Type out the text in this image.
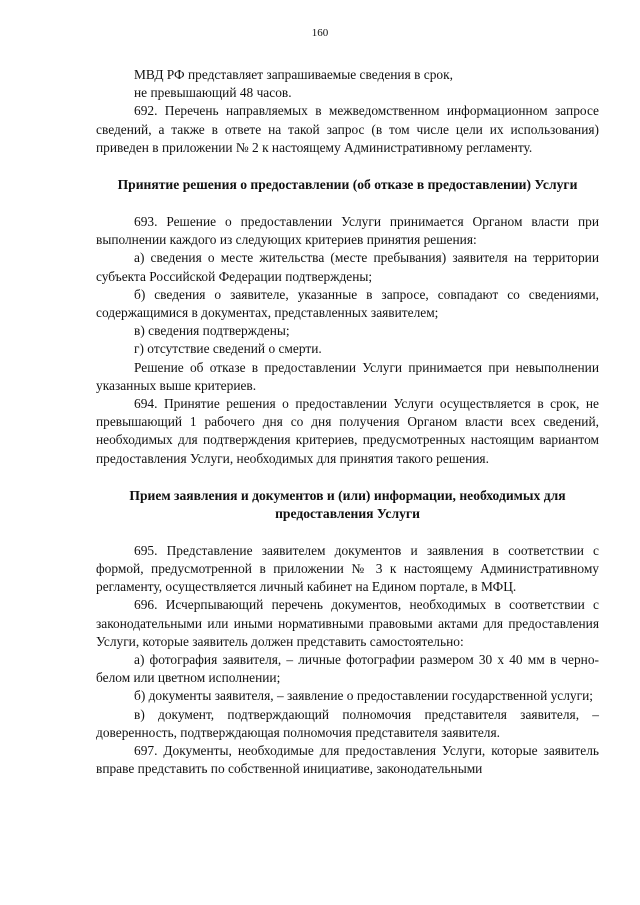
160

МВД РФ представляет запрашиваемые сведения в срок,

не превышающий 48 часов.

692. Перечень направляемых в межведомственном информационном запросе сведений, а также в ответе на такой запрос (в том числе цели их использования) приведен в приложении № 2 к настоящему Административному регламенту.

Принятие решения о предоставлении (об отказе в предоставлении) Услуги

693. Решение о предоставлении Услуги принимается Органом власти при выполнении каждого из следующих критериев принятия решения:

а) сведения о месте жительства (месте пребывания) заявителя на территории субъекта Российской Федерации подтверждены;

б) сведения о заявителе, указанные в запросе, совпадают со сведениями, содержащимися в документах, представленных заявителем;

в) сведения подтверждены;

г) отсутствие сведений о смерти.

Решение об отказе в предоставлении Услуги принимается при невыполнении указанных выше критериев.

694. Принятие решения о предоставлении Услуги осуществляется в срок, не превышающий 1 рабочего дня со дня получения Органом власти всех сведений, необходимых для подтверждения критериев, предусмотренных настоящим вариантом предоставления Услуги, необходимых для принятия такого решения.

Прием заявления и документов и (или) информации, необходимых для предоставления Услуги

695. Представление заявителем документов и заявления в соответствии с формой, предусмотренной в приложении № 3 к настоящему Административному регламенту, осуществляется личный кабинет на Едином портале, в МФЦ.

696. Исчерпывающий перечень документов, необходимых в соответствии с законодательными или иными нормативными правовыми актами для предоставления Услуги, которые заявитель должен представить самостоятельно:

а) фотография заявителя, – личные фотографии размером 30 x 40 мм в черно-белом или цветном исполнении;

б) документы заявителя, – заявление о предоставлении государственной услуги;

в) документ, подтверждающий полномочия представителя заявителя, – доверенность, подтверждающая полномочия представителя заявителя.

697. Документы, необходимые для предоставления Услуги, которые заявитель вправе представить по собственной инициативе, законодательными
